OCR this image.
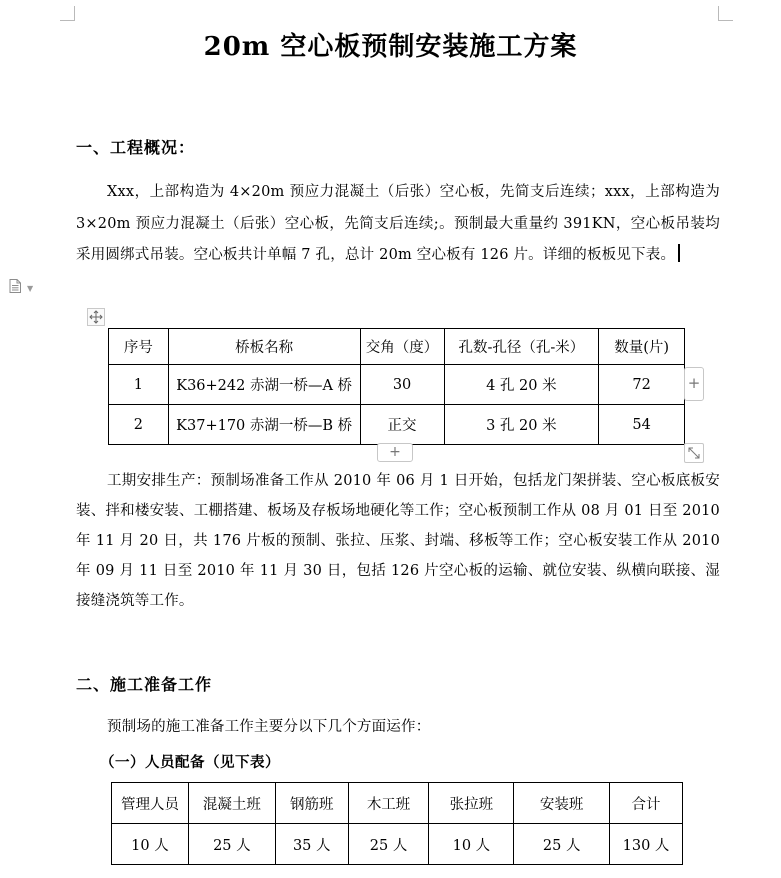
20m 空心板预制安装施工方案
一、工程概况：
Xxx，上部构造为 4×20m 预应力混凝土（后张）空心板，先简支后连续；xxx，上部构造为 3×20m 预应力混凝土（后张）空心板，先简支后连续;。预制最大重量约 391KN，空心板吊装均采用圆绑式吊装。空心板共计单幅 7 孔，总计 20m 空心板有 126 片。详细的板板见下表。
▼
序号	桥板名称	交角（度）	孔数-孔径（孔-米）	数量(片)
1	K36+242 赤湖一桥—A 桥	30	4 孔 20 米	72
2	K37+170 赤湖一桥—B 桥	正交	3 孔 20 米	54
+
+
工期安排生产：预制场准备工作从 2010 年 06 月 1 日开始，包括龙门架拼装、空心板底板安装、拌和楼安装、工棚搭建、板场及存板场地硬化等工作；空心板预制工作从 08 月 01 日至 2010 年 11 月 20 日，共 176 片板的预制、张拉、压浆、封端、移板等工作；空心板安装工作从 2010 年 09 月 11 日至 2010 年 11 月 30 日，包括 126 片空心板的运输、就位安装、纵横向联接、湿接缝浇筑等工作。
二、施工准备工作
预制场的施工准备工作主要分以下几个方面运作：
（一）人员配备（见下表）
管理人员	混凝土班	钢筋班	木工班	张拉班	安装班	合计
10 人	25 人	35 人	25 人	10 人	25 人	130 人
